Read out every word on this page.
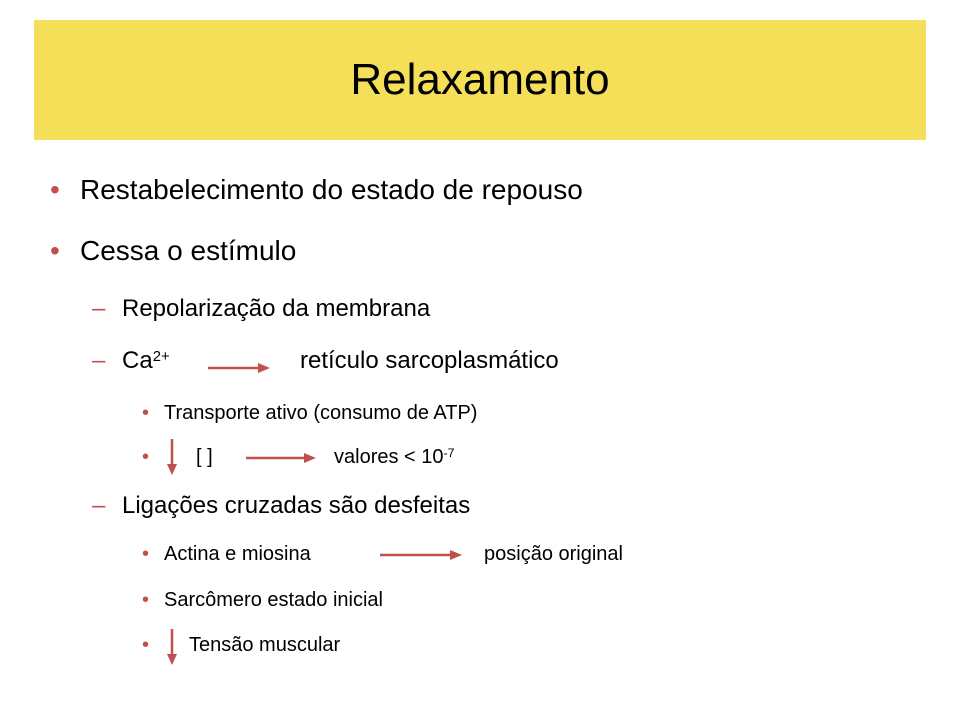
Relaxamento
• Restabelecimento do estado de repouso
• Cessa o estímulo
– Repolarização da membrana
– $Ca^{2+}$	retículo sarcoplasmático
• Transporte ativo (consumo de ATP)
• [ ]	valores < $10^{-7}$
– Ligações cruzadas são desfeitas
• Actina e miosina	posição original
• Sarcômero estado inicial
• Tensão muscular
